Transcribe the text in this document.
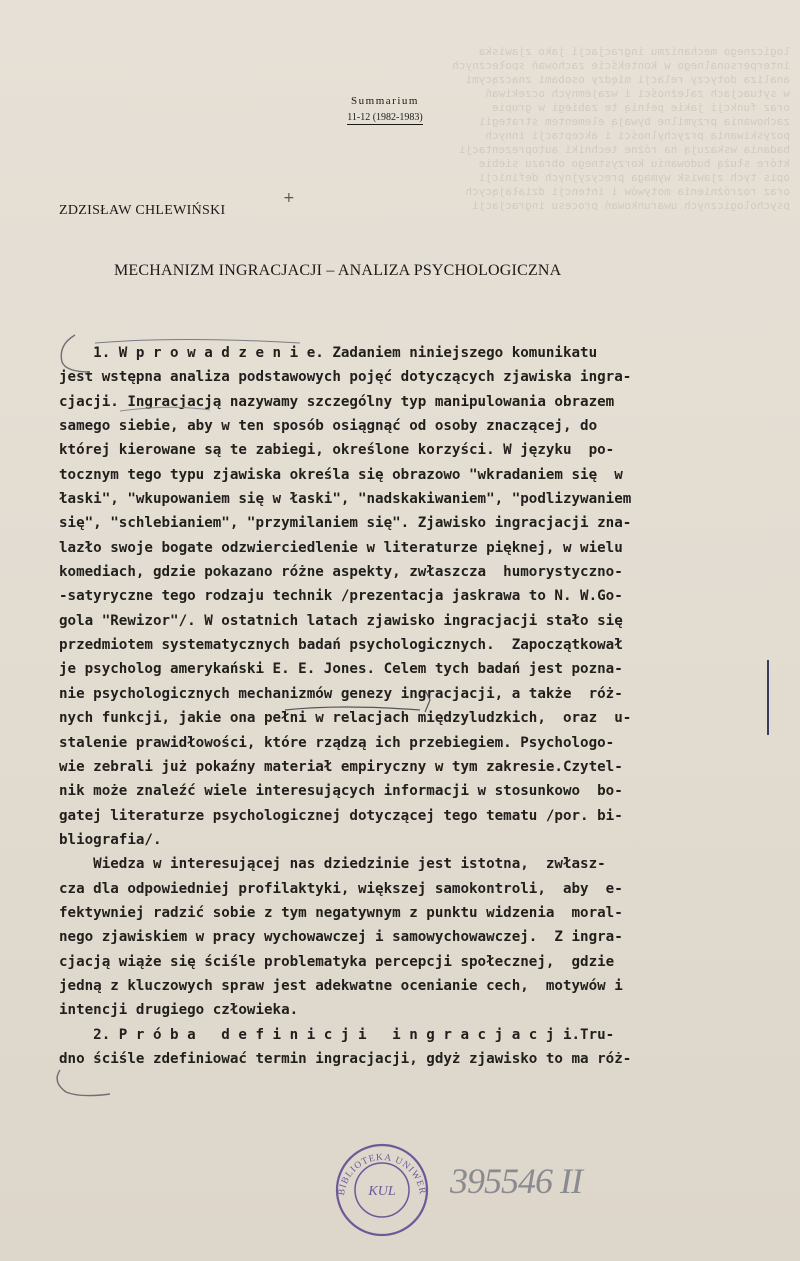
logicznego mechanizmu ingracjacji jako zjawiska
interpersonalnego w kontekście zachowań społecznych
analiza dotyczy relacji między osobami znaczącymi
w sytuacjach zależności i wzajemnych oczekiwań
oraz funkcji jakie pełnią te zabiegi w grupie
zachowania przymilne bywają elementem strategii
pozyskiwania przychylności i akceptacji innych
badania wskazują na różne techniki autoprezentacji
które służą budowaniu korzystnego obrazu siebie
opis tych zjawisk wymaga precyzyjnych definicji
oraz rozróżnienia motywów i intencji działających
psychologicznych uwarunkowań procesu ingracjacji
Summarium
11-12 (1982-1983)
+
ZDZISŁAW CHLEWIŃSKI
MECHANIZM INGRACJACJI – ANALIZA PSYCHOLOGICZNA
1. W p r o w a d z e n i e. Zadaniem niniejszego komunikatu
jest wstępna analiza podstawowych pojęć dotyczących zjawiska ingra-
cjacji. Ingracjacją nazywamy szczególny typ manipulowania obrazem
samego siebie, aby w ten sposób osiągnąć od osoby znaczącej, do
której kierowane są te zabiegi, określone korzyści. W języku  po-
tocznym tego typu zjawiska określa się obrazowo "wkradaniem się  w
łaski", "wkupowaniem się w łaski", "nadskakiwaniem", "podlizywaniem
się", "schlebianiem", "przymilaniem się". Zjawisko ingracjacji zna-
lazło swoje bogate odzwierciedlenie w literaturze pięknej, w wielu
komediach, gdzie pokazano różne aspekty, zwłaszcza  humorystyczno-
-satyryczne tego rodzaju technik /prezentacja jaskrawa to N. W.Go-
gola "Rewizor"/. W ostatnich latach zjawisko ingracjacji stało się
przedmiotem systematycznych badań psychologicznych.  Zapoczątkował
je psycholog amerykański E. E. Jones. Celem tych badań jest pozna-
nie psychologicznych mechanizmów genezy ingracjacji, a także  róż-
nych funkcji, jakie ona pełni w relacjach międzyludzkich,  oraz  u-
stalenie prawidłowości, które rządzą ich przebiegiem. Psychologo-
wie zebrali już pokaźny materiał empiryczny w tym zakresie.Czytel-
nik może znaleźć wiele interesujących informacji w stosunkowo  bo-
gatej literaturze psychologicznej dotyczącej tego tematu /por. bi-
bliografia/.
Wiedza w interesującej nas dziedzinie jest istotna,  zwłasz-
cza dla odpowiedniej profilaktyki, większej samokontroli,  aby  e-
fektywniej radzić sobie z tym negatywnym z punktu widzenia  moral-
nego zjawiskiem w pracy wychowawczej i samowychowawczej.  Z ingra-
cjacją wiąże się ściśle problematyka percepcji społecznej,  gdzie
jedną z kluczowych spraw jest adekwatne ocenianie cech,  motywów i
intencji drugiego człowieka.
2. P r ó b a   d e f i n i c j i   i n g r a c j a c j i.Tru-
dno ściśle zdefiniować termin ingracjacji, gdyż zjawisko to ma róż-
BIBLIOTEKA UNIWER
KUL 395546 II
